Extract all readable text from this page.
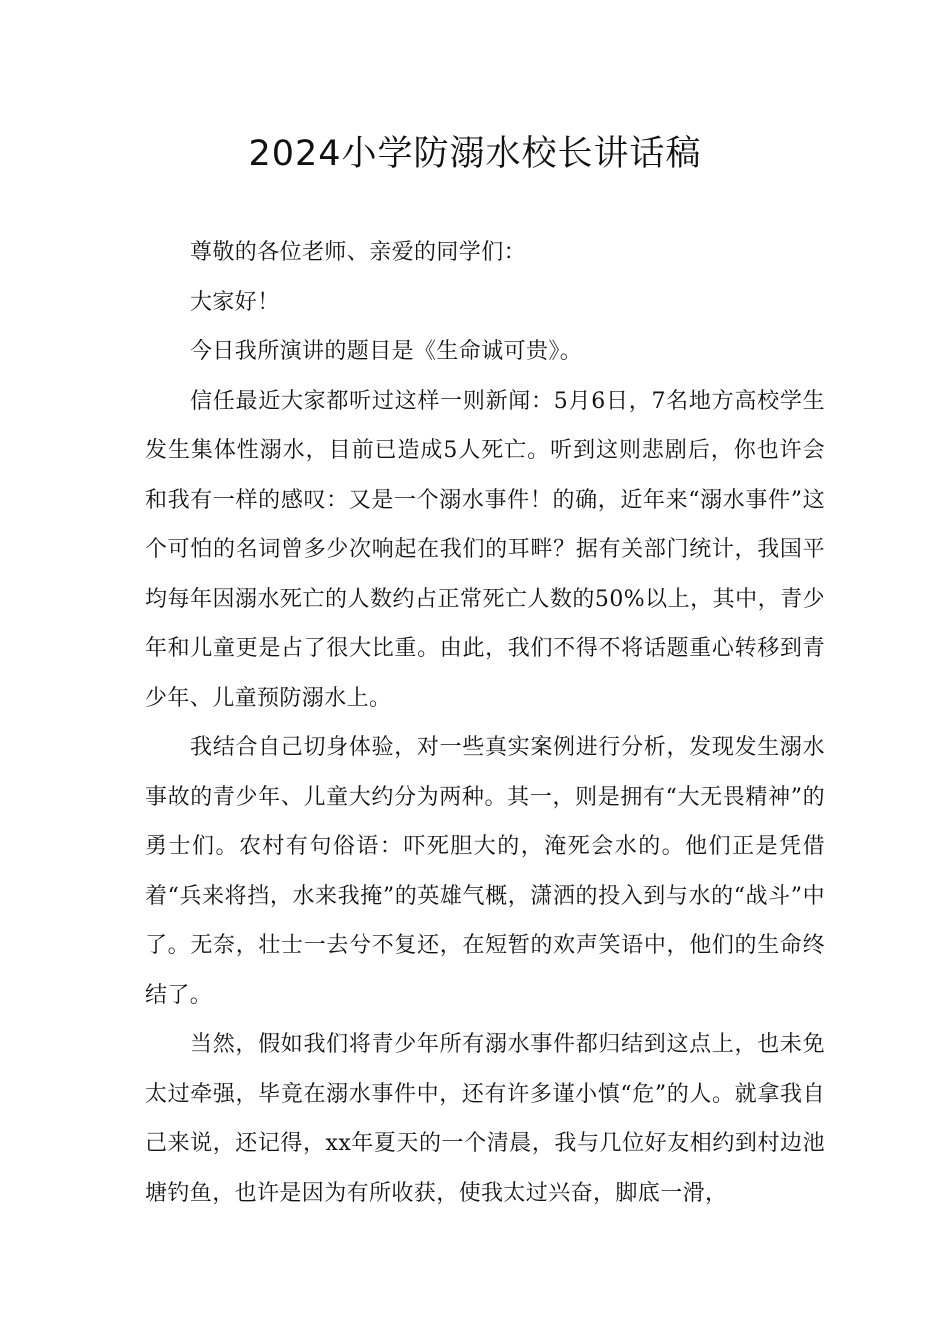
2024小学防溺水校长讲话稿

尊敬的各位老师、亲爱的同学们：

大家好！

今日我所演讲的题目是《生命诚可贵》。

信任最近大家都听过这样一则新闻：5月6日，7名地方高校学生发生集体性溺水，目前已造成5人死亡。听到这则悲剧后，你也许会和我有一样的感叹：又是一个溺水事件！的确，近年来“溺水事件”这个可怕的名词曾多少次响起在我们的耳畔？据有关部门统计，我国平均每年因溺水死亡的人数约占正常死亡人数的50%以上，其中，青少年和儿童更是占了很大比重。由此，我们不得不将话题重心转移到青少年、儿童预防溺水上。

我结合自己切身体验，对一些真实案例进行分析，发现发生溺水事故的青少年、儿童大约分为两种。其一，则是拥有“大无畏精神”的勇士们。农村有句俗语：吓死胆大的，淹死会水的。他们正是凭借着“兵来将挡，水来我掩”的英雄气概，潇洒的投入到与水的“战斗”中了。无奈，壮士一去兮不复还，在短暂的欢声笑语中，他们的生命终结了。

当然，假如我们将青少年所有溺水事件都归结到这点上，也未免太过牵强，毕竟在溺水事件中，还有许多谨小慎“危”的人。就拿我自己来说，还记得，xx年夏天的一个清晨，我与几位好友相约到村边池塘钓鱼，也许是因为有所收获，使我太过兴奋，脚底一滑，
